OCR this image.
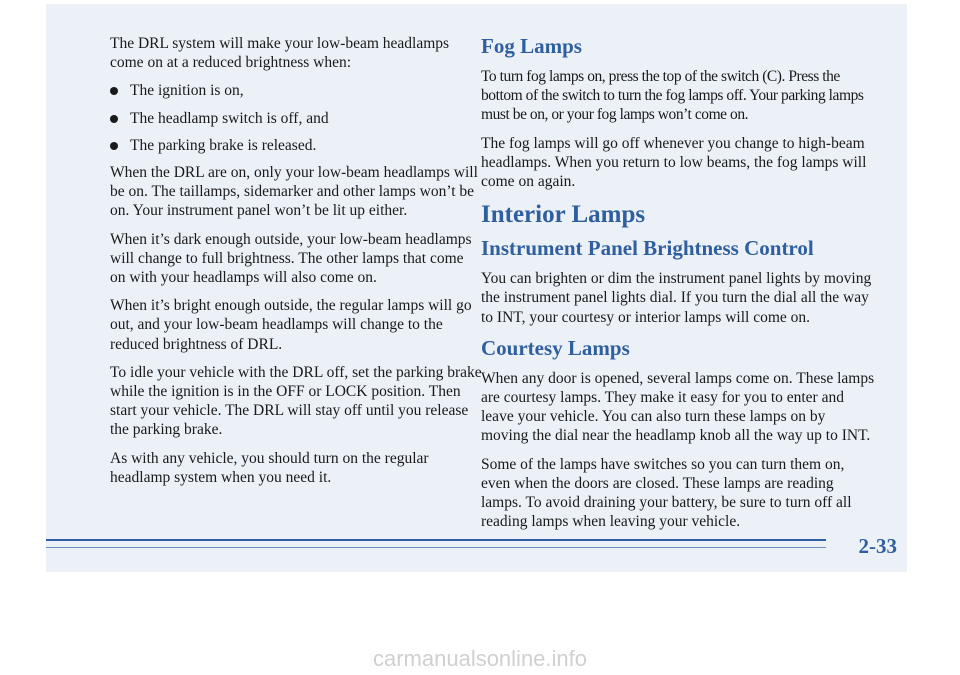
The DRL system will make your low-beam headlamps come on at a reduced brightness when:

The ignition is on,
The headlamp switch is off, and
The parking brake is released.

When the DRL are on, only your low-beam headlamps will be on. The taillamps, sidemarker and other lamps won’t be on. Your instrument panel won’t be lit up either.

When it’s dark enough outside, your low-beam headlamps will change to full brightness. The other lamps that come on with your headlamps will also come on.

When it’s bright enough outside, the regular lamps will go out, and your low-beam headlamps will change to the reduced brightness of DRL.

To idle your vehicle with the DRL off, set the parking brake while the ignition is in the OFF or LOCK position. Then start your vehicle. The DRL will stay off until you release the parking brake.

As with any vehicle, you should turn on the regular headlamp system when you need it.

Fog Lamps

To turn fog lamps on, press the top of the switch (C). Press the bottom of the switch to turn the fog lamps off. Your parking lamps must be on, or your fog lamps won’t come on.

The fog lamps will go off whenever you change to high-beam headlamps. When you return to low beams, the fog lamps will come on again.

Interior Lamps
Instrument Panel Brightness Control

You can brighten or dim the instrument panel lights by moving the instrument panel lights dial. If you turn the dial all the way to INT, your courtesy or interior lamps will come on.

Courtesy Lamps

When any door is opened, several lamps come on. These lamps are courtesy lamps. They make it easy for you to enter and leave your vehicle. You can also turn these lamps on by moving the dial near the headlamp knob all the way up to INT.

Some of the lamps have switches so you can turn them on, even when the doors are closed. These lamps are reading lamps. To avoid draining your battery, be sure to turn off all reading lamps when leaving your vehicle.

2-33
carmanualsonline.info
